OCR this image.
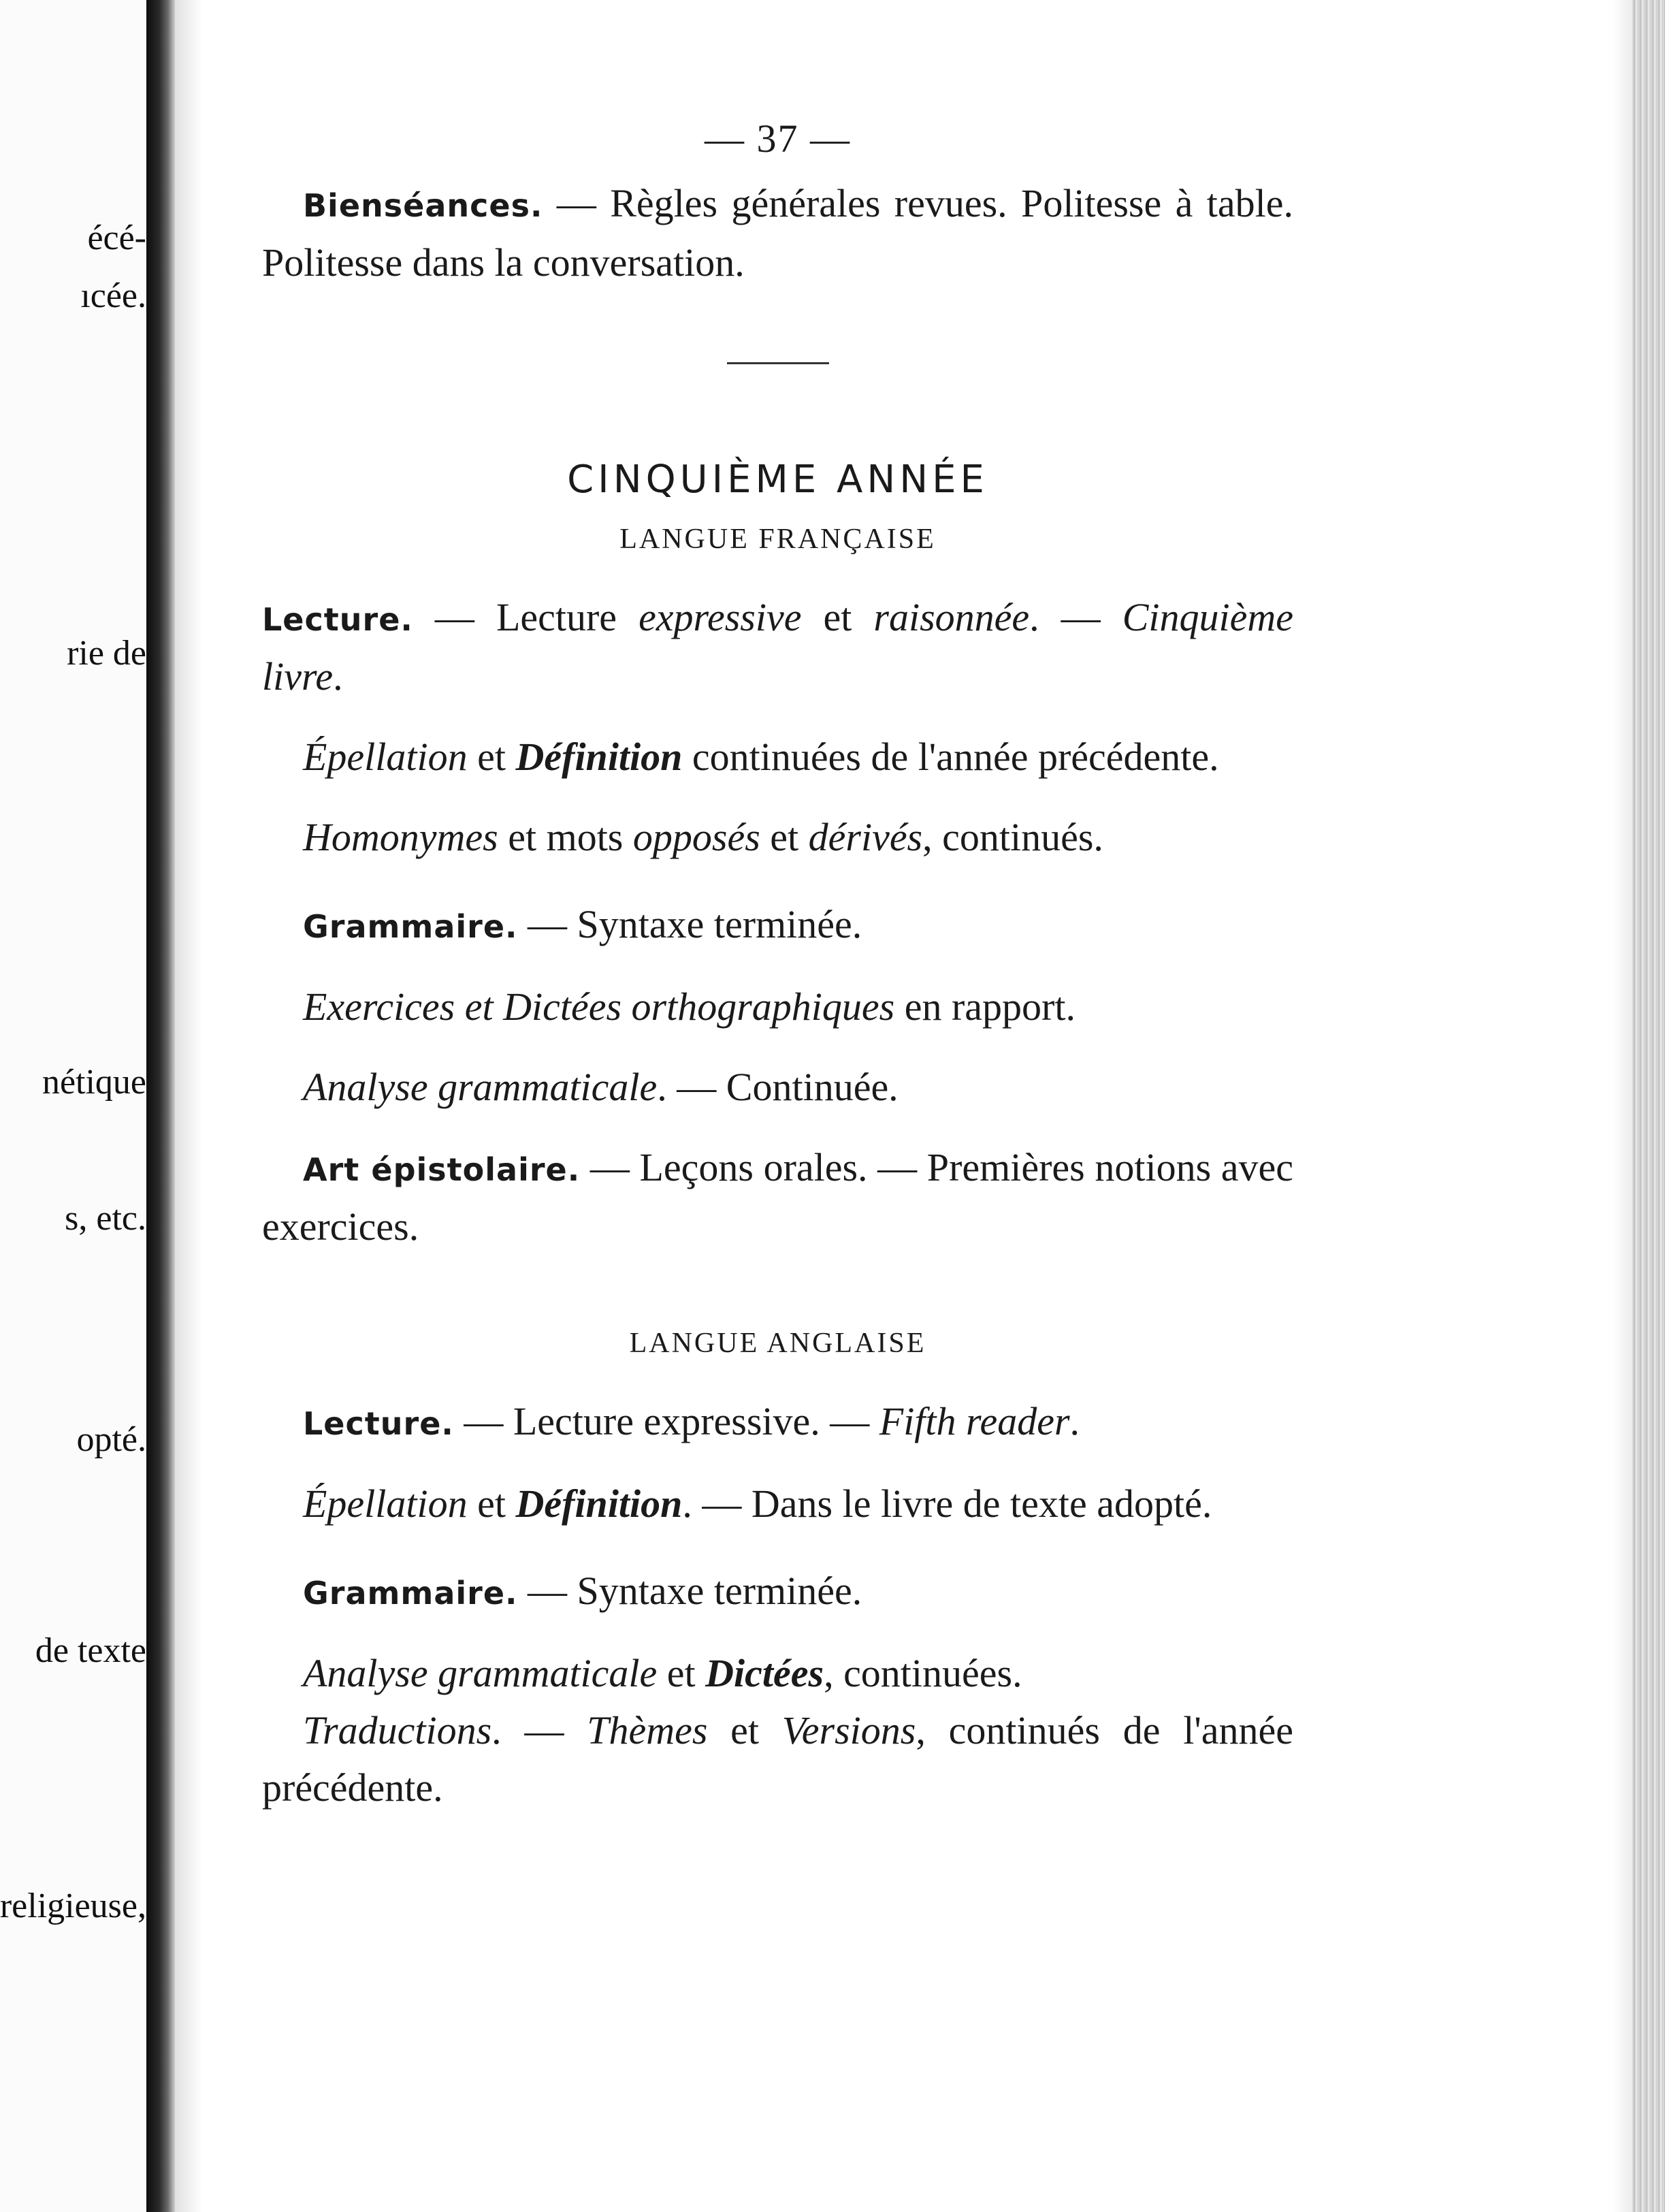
écé-
ıcée.
rie de
nétique
s, etc.
opté.
de texte
religieuse,
— 37 —

Bienséances. — Règles générales revues. Politesse à table. Politesse dans la conversation.

CINQUIÈME ANNÉE
LANGUE FRANÇAISE

Lecture. — Lecture expressive et raisonnée. — Cinquième livre.

Épellation et Définition continuées de l'année précédente.

Homonymes et mots opposés et dérivés, continués.

Grammaire. — Syntaxe terminée.

Exercices et Dictées orthographiques en rapport.

Analyse grammaticale. — Continuée.

Art épistolaire. — Leçons orales. — Premières notions avec exercices.

LANGUE ANGLAISE

Lecture. — Lecture expressive. — Fifth reader.

Épellation et Définition. — Dans le livre de texte adopté.

Grammaire. — Syntaxe terminée.

Analyse grammaticale et Dictées, continuées.

Traductions. — Thèmes et Versions, continués de l'année précédente.
